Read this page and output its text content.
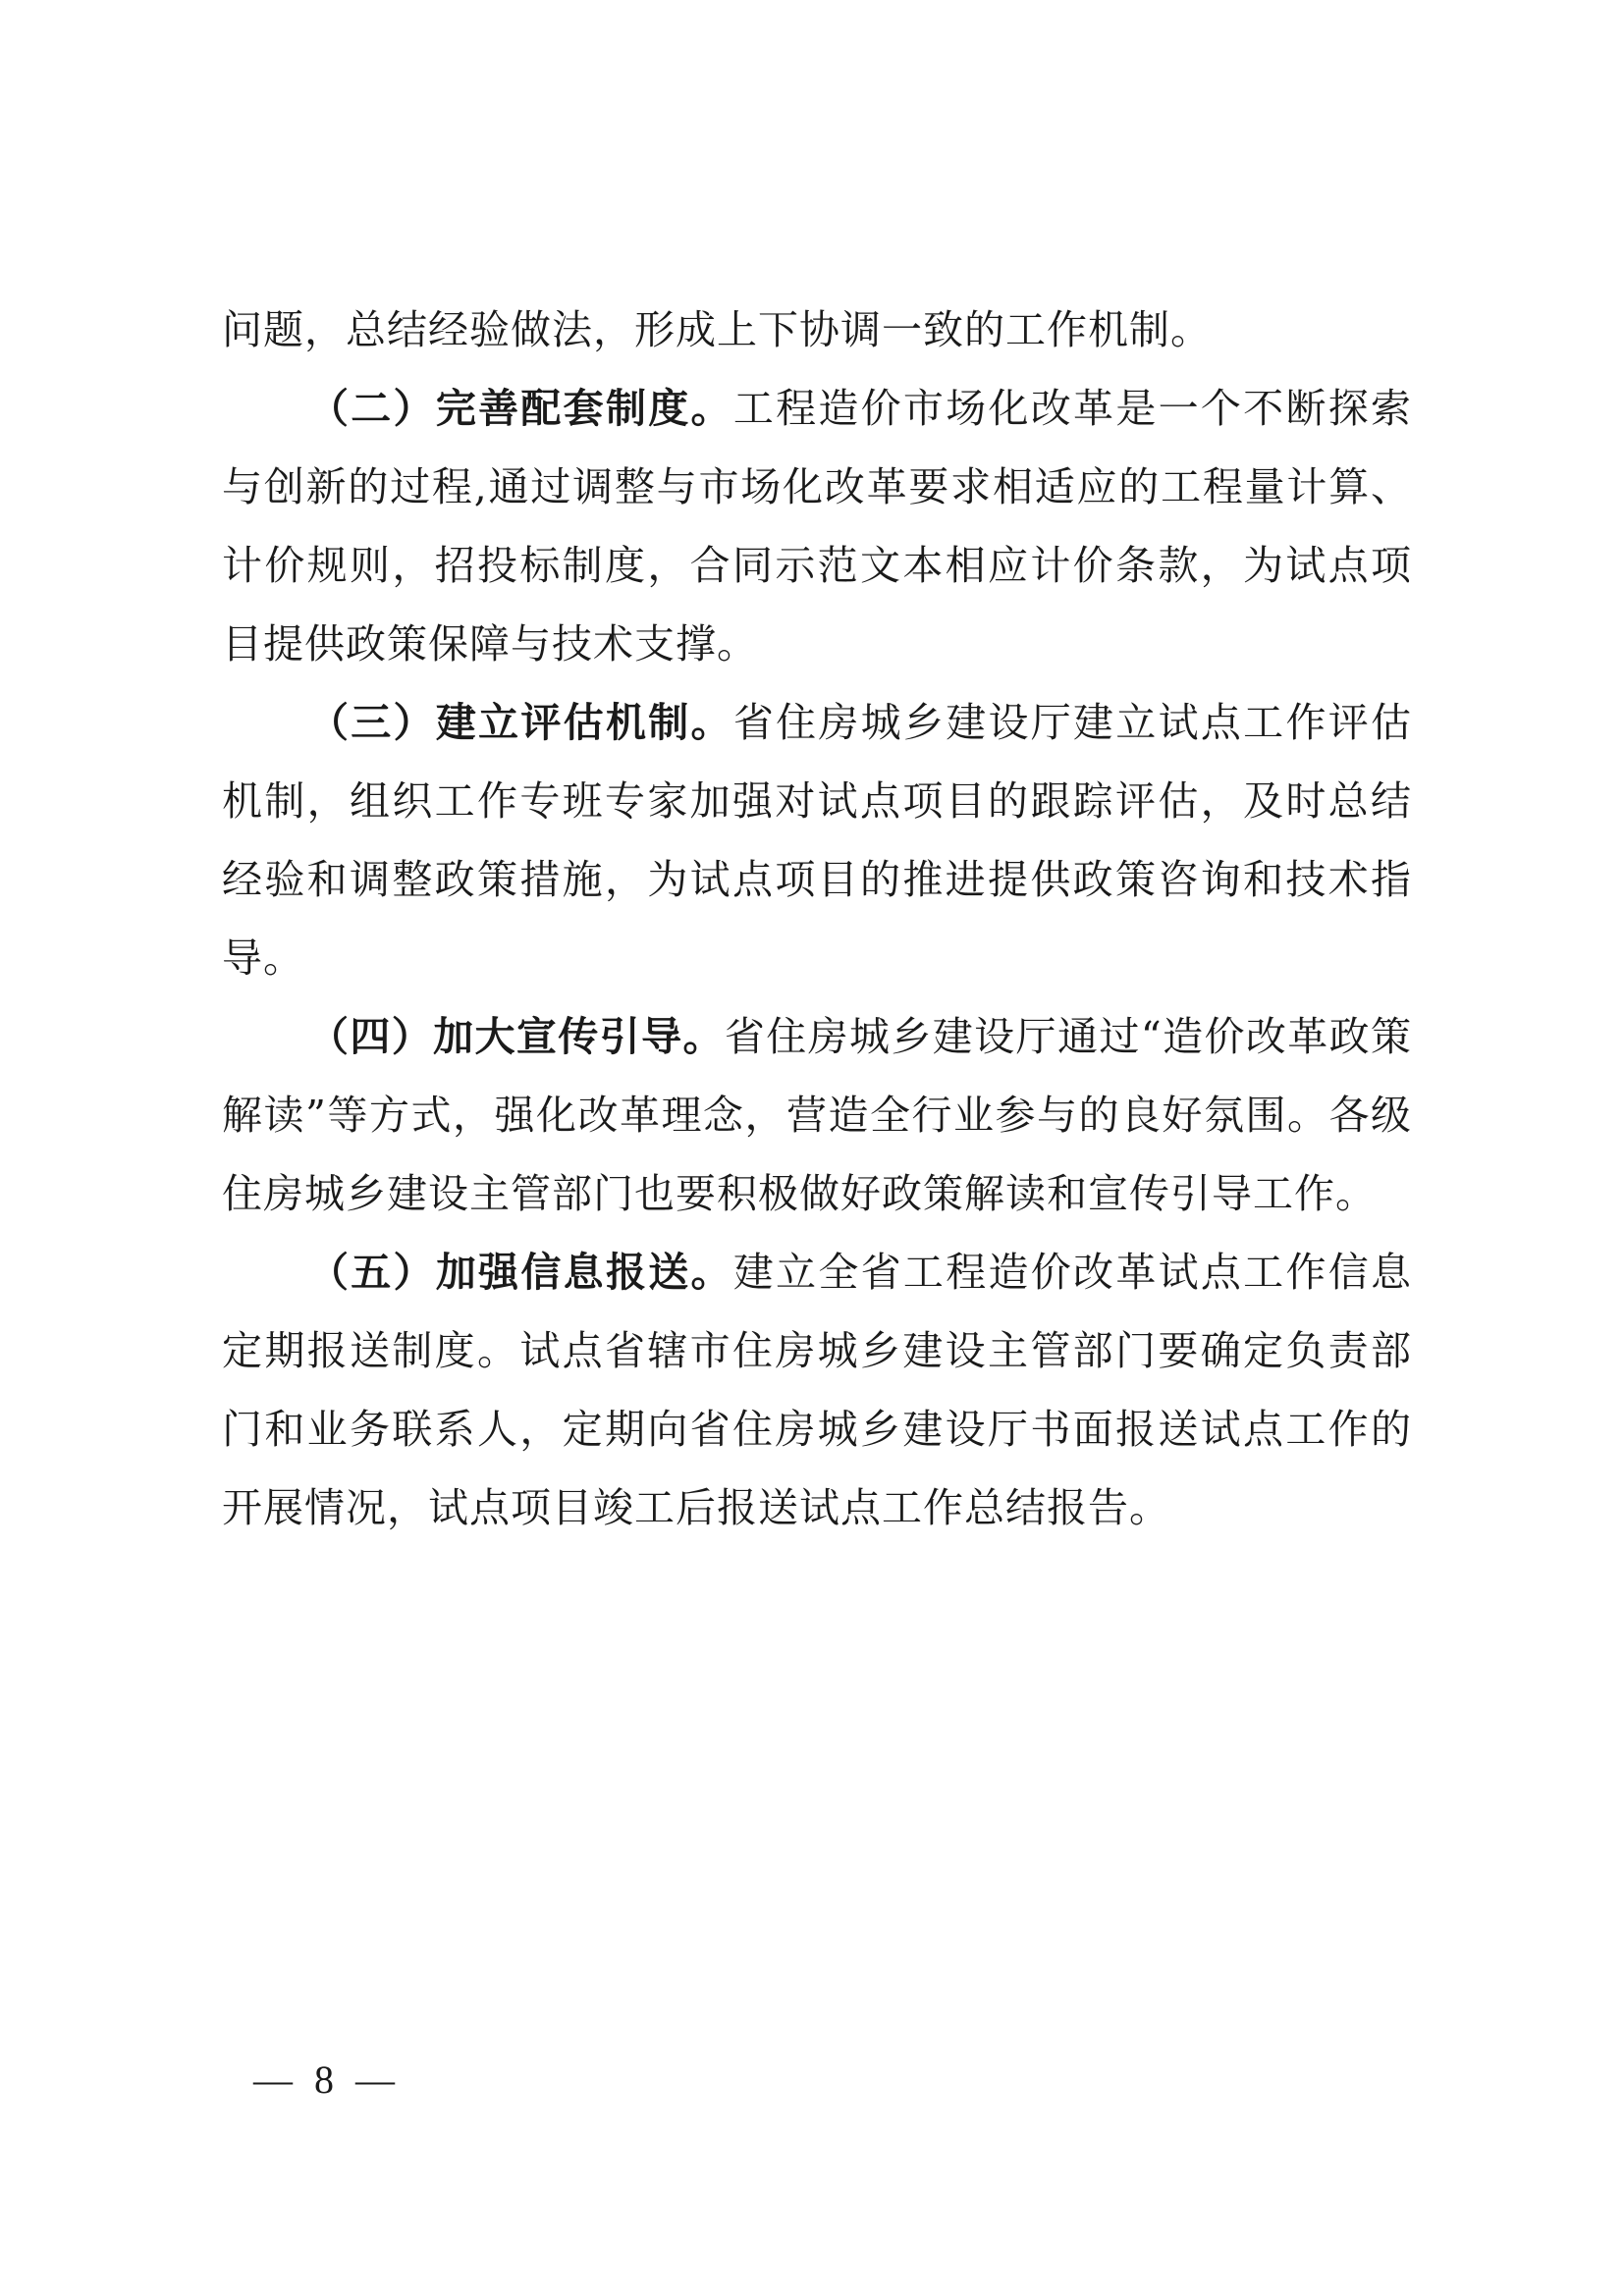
问题，总结经验做法，形成上下协调一致的工作机制。

（二）完善配套制度。工程造价市场化改革是一个不断探索与创新的过程,通过调整与市场化改革要求相适应的工程量计算、计价规则，招投标制度，合同示范文本相应计价条款，为试点项目提供政策保障与技术支撑。

（三）建立评估机制。省住房城乡建设厅建立试点工作评估机制，组织工作专班专家加强对试点项目的跟踪评估，及时总结经验和调整政策措施，为试点项目的推进提供政策咨询和技术指导。

（四）加大宣传引导。省住房城乡建设厅通过“造价改革政策解读”等方式，强化改革理念，营造全行业参与的良好氛围。各级住房城乡建设主管部门也要积极做好政策解读和宣传引导工作。

（五）加强信息报送。建立全省工程造价改革试点工作信息定期报送制度。试点省辖市住房城乡建设主管部门要确定负责部门和业务联系人，定期向省住房城乡建设厅书面报送试点工作的开展情况，试点项目竣工后报送试点工作总结报告。

— 8 —
